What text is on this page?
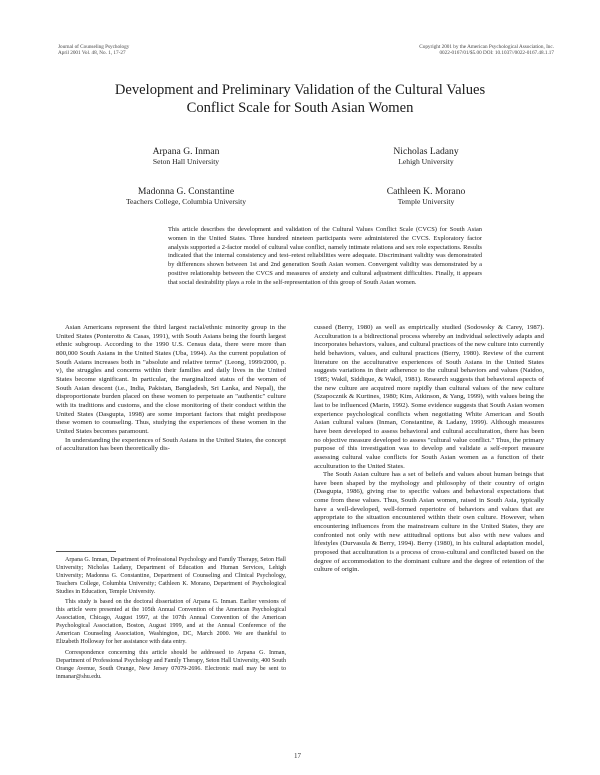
Journal of Counseling Psychology
April 2001 Vol. 48, No. 1, 17-27
Copyright 2001 by the American Psychological Association, Inc.
0022-0167/01/$5.00 DOI: 10.1037//0022-0167.48.1.17
Development and Preliminary Validation of the Cultural Values
Conflict Scale for South Asian Women
Arpana G. Inman
Seton Hall University
Nicholas Ladany
Lehigh University
Madonna G. Constantine
Teachers College, Columbia University
Cathleen K. Morano
Temple University
This article describes the development and validation of the Cultural Values Conflict Scale (CVCS) for South Asian women in the United States. Three hundred nineteen participants were administered the CVCS. Exploratory factor analysis supported a 2-factor model of cultural value conflict, namely intimate relations and sex role expectations. Results indicated that the internal consistency and test–retest reliabilities were adequate. Discriminant validity was demonstrated by differences shown between 1st and 2nd generation South Asian women. Convergent validity was demonstrated by a positive relationship between the CVCS and measures of anxiety and cultural adjustment difficulties. Finally, it appears that social desirability plays a role in the self-representation of this group of South Asian women.

Asian Americans represent the third largest racial/ethnic minority group in the United States (Ponterotto & Casas, 1991), with South Asians being the fourth largest ethnic subgroup. According to the 1990 U.S. Census data, there were more than 800,000 South Asians in the United States (Uba, 1994). As the current population of South Asians increases both in "absolute and relative terms" (Leong, 1999/2000, p. v), the struggles and concerns within their families and daily lives in the United States become significant. In particular, the marginalized status of the women of South Asian descent (i.e., India, Pakistan, Bangladesh, Sri Lanka, and Nepal), the disproportionate burden placed on these women to perpetuate an "authentic" culture with its traditions and customs, and the close monitoring of their conduct within the United States (Dasgupta, 1998) are some important factors that might predispose these women to counseling. Thus, studying the experiences of these women in the United States becomes paramount.

In understanding the experiences of South Asians in the United States, the concept of acculturation has been theoretically dis-

Arpana G. Inman, Department of Professional Psychology and Family Therapy, Seton Hall University; Nicholas Ladany, Department of Education and Human Services, Lehigh University; Madonna G. Constantine, Department of Counseling and Clinical Psychology, Teachers College, Columbia University; Cathleen K. Morano, Department of Psychological Studies in Education, Temple University.

This study is based on the doctoral dissertation of Arpana G. Inman. Earlier versions of this article were presented at the 105th Annual Convention of the American Psychological Association, Chicago, August 1997, at the 107th Annual Convention of the American Psychological Association, Boston, August 1999, and at the Annual Conference of the American Counseling Association, Washington, DC, March 2000. We are thankful to Elizabeth Holloway for her assistance with data entry.

Correspondence concerning this article should be addressed to Arpana G. Inman, Department of Professional Psychology and Family Therapy, Seton Hall University, 400 South Orange Avenue, South Orange, New Jersey 07079-2696. Electronic mail may be sent to inmanar@shu.edu.

cussed (Berry, 1980) as well as empirically studied (Sodowsky & Carey, 1987). Acculturation is a bidirectional process whereby an individual selectively adapts and incorporates behaviors, values, and cultural practices of the new culture into currently held behaviors, values, and cultural practices (Berry, 1980). Review of the current literature on the acculturative experiences of South Asians in the United States suggests variations in their adherence to the cultural behaviors and values (Naidoo, 1985; Wakil, Siddique, & Wakil, 1981). Research suggests that behavioral aspects of the new culture are acquired more rapidly than cultural values of the new culture (Szapocznik & Kurtines, 1980; Kim, Atkinson, & Yang, 1999), with values being the last to be influenced (Marin, 1992). Some evidence suggests that South Asian women experience psychological conflicts when negotiating White American and South Asian cultural values (Inman, Constantine, & Ladany, 1999). Although measures have been developed to assess behavioral and cultural acculturation, there has been no objective measure developed to assess "cultural value conflict." Thus, the primary purpose of this investigation was to develop and validate a self-report measure assessing cultural value conflicts for South Asian women as a function of their acculturation to the United States.

The South Asian culture has a set of beliefs and values about human beings that have been shaped by the mythology and philosophy of their country of origin (Dasgupta, 1986), giving rise to specific values and behavioral expectations that come from these values. Thus, South Asian women, raised in South Asia, typically have a well-developed, well-formed repertoire of behaviors and values that are appropriate to the situation encountered within their own culture. However, when encountering influences from the mainstream culture in the United States, they are confronted not only with new attitudinal options but also with new values and lifestyles (Durvasula & Berry, 1994). Berry (1980), in his cultural adaptation model, proposed that acculturation is a process of cross-cultural and conflicted based on the degree of accommodation to the dominant culture and the degree of retention of the culture of origin.

17
